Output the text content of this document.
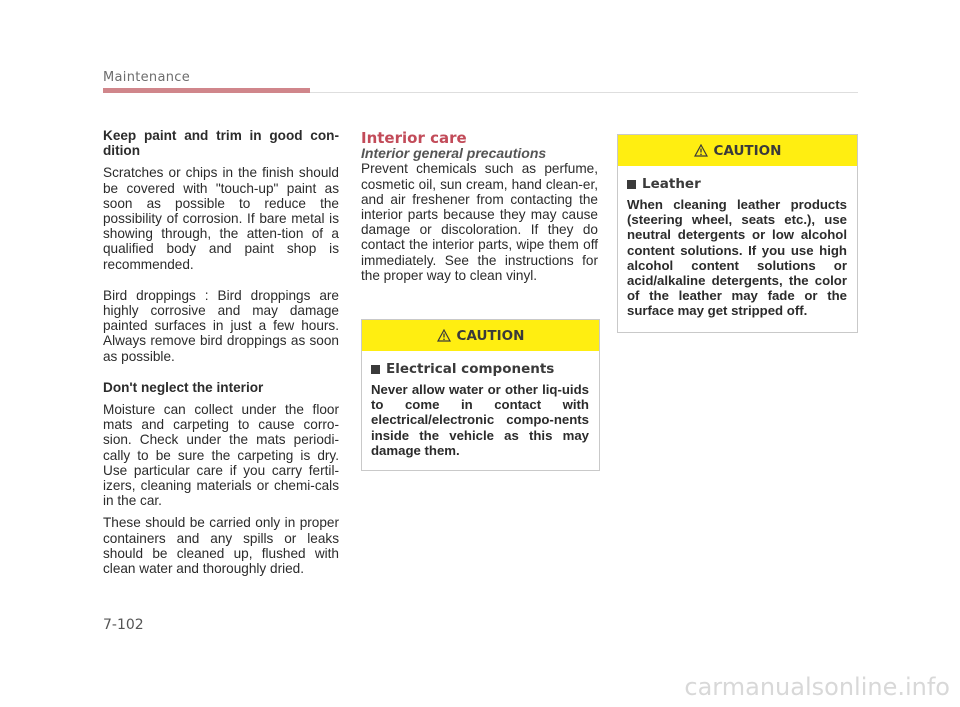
Maintenance

Keep paint and trim in good con-dition

Scratches or chips in the finish should be covered with "touch-up" paint as soon as possible to reduce the possibility of corrosion. If bare metal is showing through, the atten-tion of a qualified body and paint shop is recommended.

Bird droppings : Bird droppings are highly corrosive and may damage painted surfaces in just a few hours. Always remove bird droppings as soon as possible.

Don't neglect the interior

Moisture can collect under the floor mats and carpeting to cause corro-sion. Check under the mats periodi-cally to be sure the carpeting is dry. Use particular care if you carry fertil-izers, cleaning materials or chemi-cals in the car.

These should be carried only in proper containers and any spills or leaks should be cleaned up, flushed with clean water and thoroughly dried.

Interior care

Interior general precautions

Prevent chemicals such as perfume, cosmetic oil, sun cream, hand clean-er, and air freshener from contacting the interior parts because they may cause damage or discoloration. If they do contact the interior parts, wipe them off immediately. See the instructions for the proper way to clean vinyl.

CAUTION
Electrical components
Never allow water or other liq-uids to come in contact with electrical/electronic compo-nents inside the vehicle as this may damage them.
CAUTION
Leather
When cleaning leather products (steering wheel, seats etc.), use neutral detergents or low alcohol content solutions. If you use high alcohol content solutions or acid/alkaline detergents, the color of the leather may fade or the surface may get stripped off.
7-102
carmanualsonline.info
